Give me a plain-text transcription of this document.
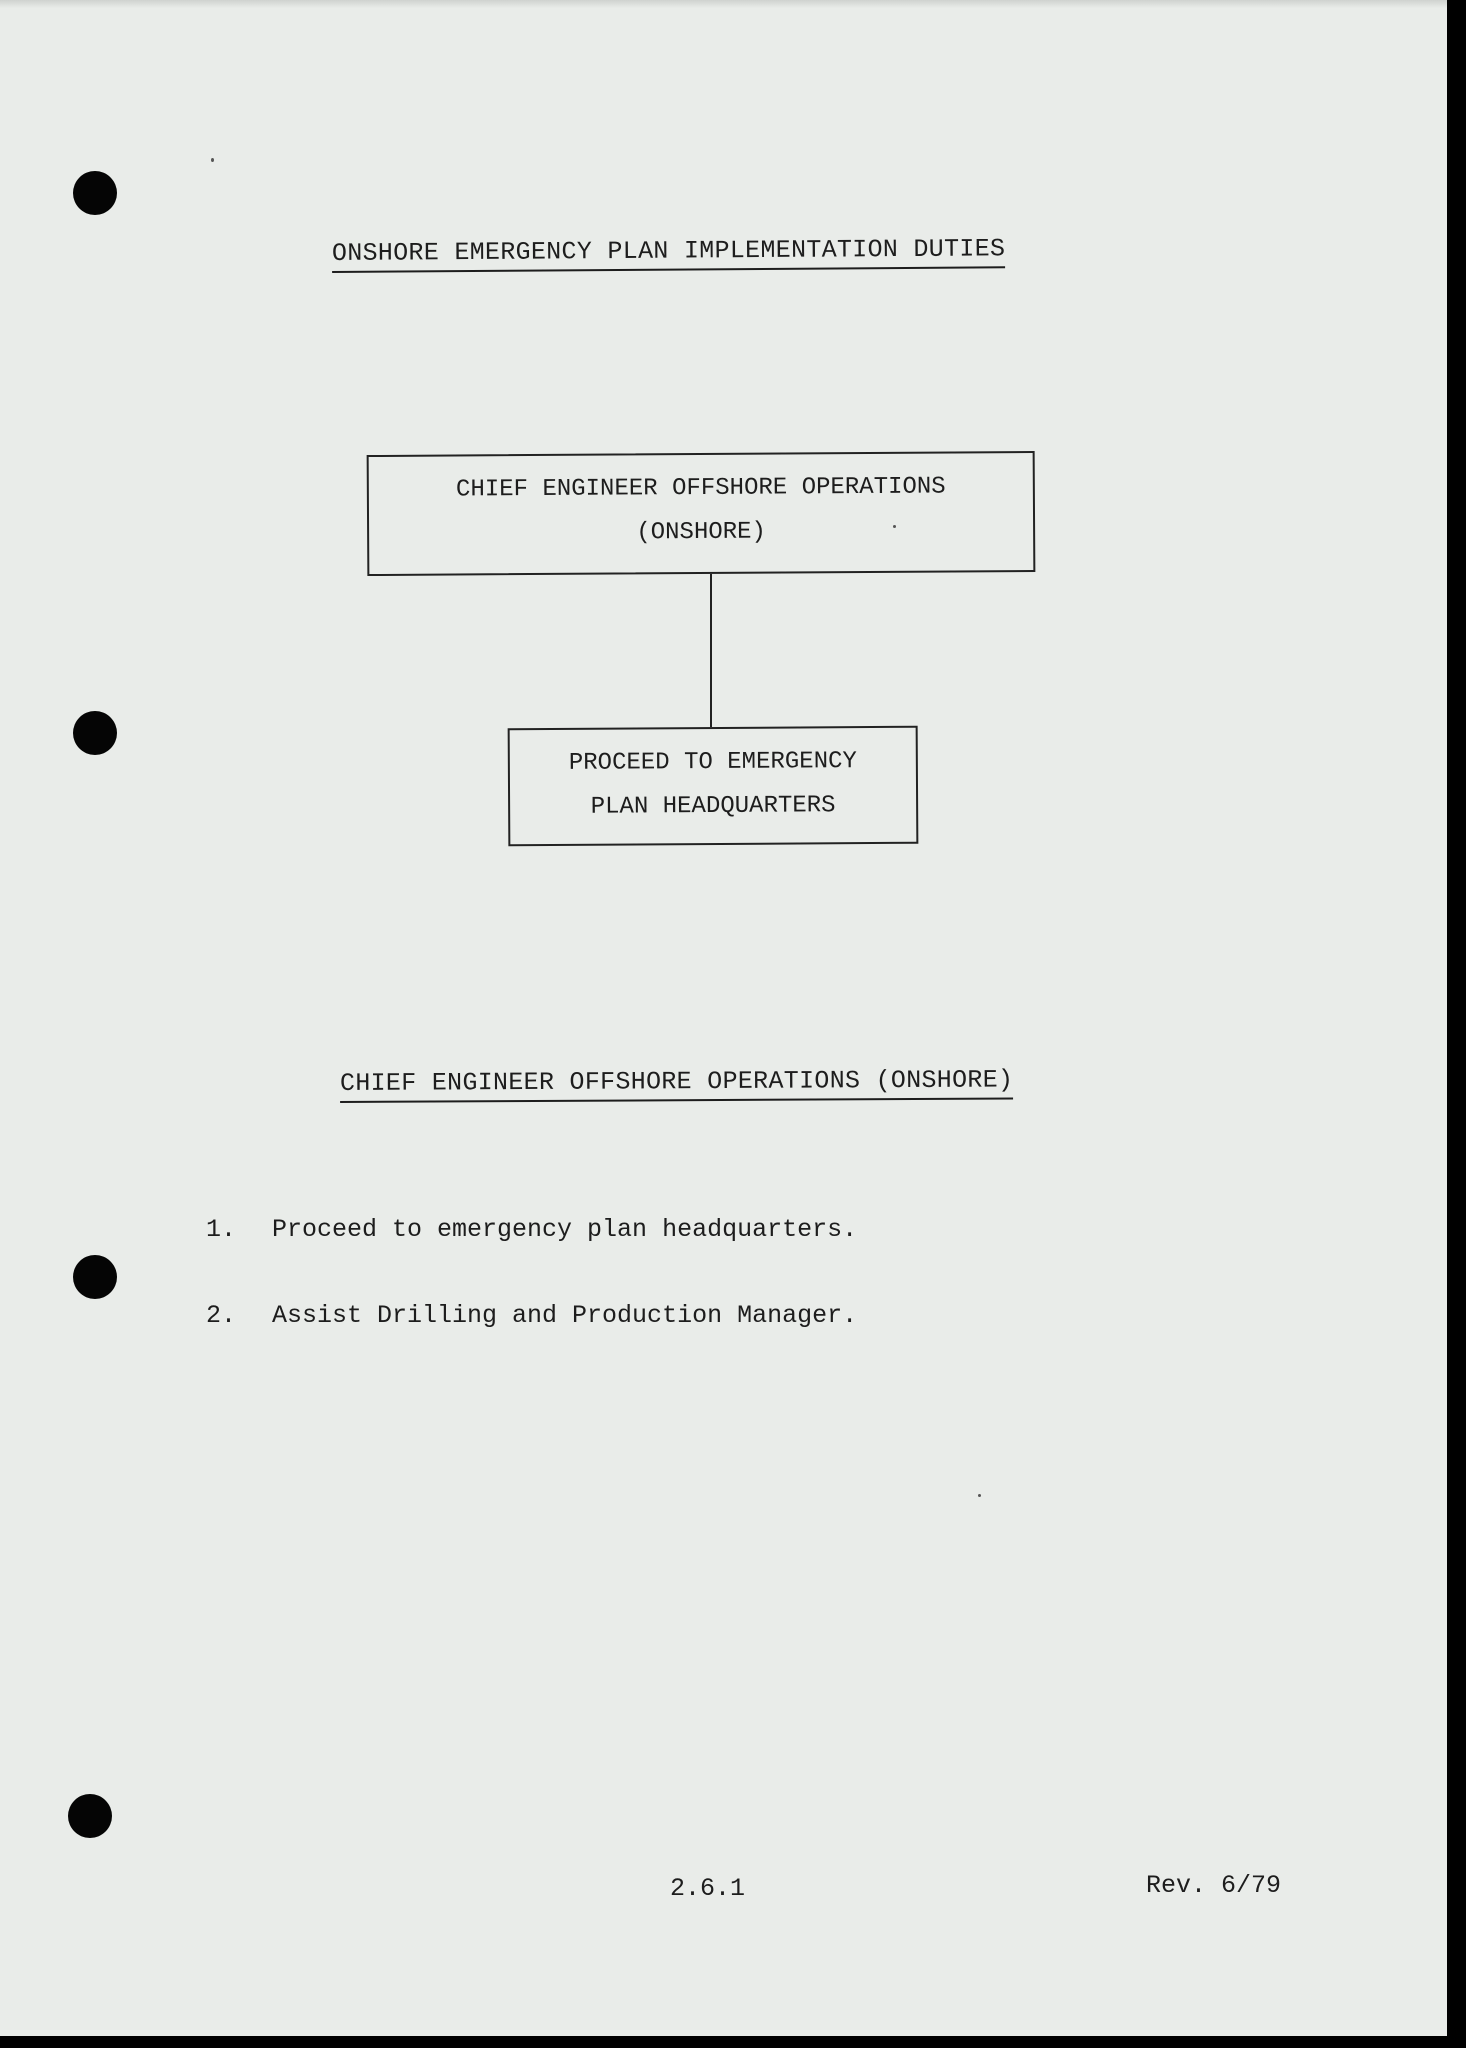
ONSHORE EMERGENCY PLAN IMPLEMENTATION DUTIES
CHIEF ENGINEER OFFSHORE OPERATIONS
(ONSHORE)
PROCEED TO EMERGENCY
PLAN HEADQUARTERS
CHIEF ENGINEER OFFSHORE OPERATIONS (ONSHORE)
1. Proceed to emergency plan headquarters.
2. Assist Drilling and Production Manager.
2.6.1	Rev. 6/79
